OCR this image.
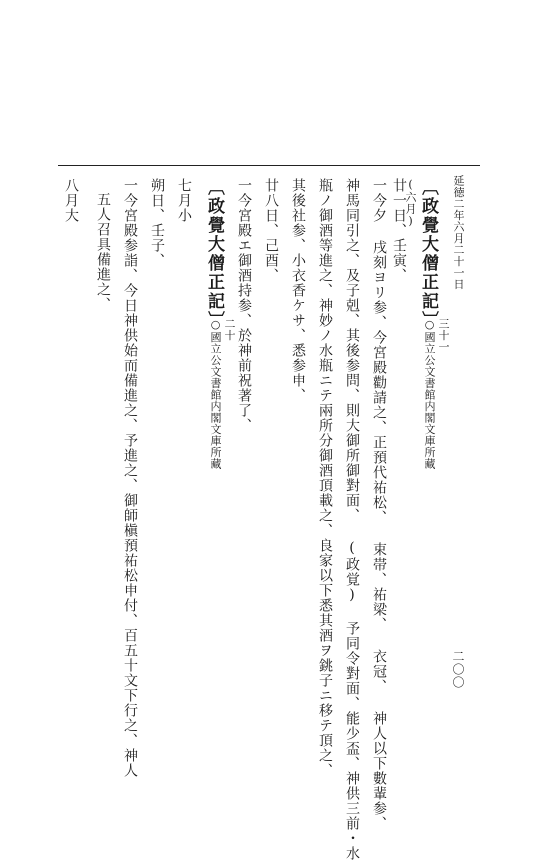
延徳二年六月二十一日
二〇〇
〔政覺大僧正記〕
三十一
○國立公文書館内閣文庫所藏
(六月)
廿一日、壬寅、
一今夕 戌刻ヨリ参、今宮殿勸請之、正預代祐松、 束帯、祐梁、 衣冠、 神人以下數輩参、
神馬同引之、及子剋、其後参問、則大御所御對面、 (政覚) 予同令對面、能少盃、神供三前・水
瓶ノ御酒等進之、神妙ノ水瓶ニテ兩所分御酒頂載之、良家以下悉其酒ヲ銚子ニ移テ頂之、
其後社参、小衣香ケサ、悉参申、
廿八日、己酉、
一今宮殿エ御酒持参、於神前祝著了、
〔政覺大僧正記〕 二十
○國立公文書館内閣文庫所藏
七月小
朔日、壬子、
一今宮殿参詣、今日神供始而備進之、予進之、御師槇預祐松申付、百五十文下行之、神人
五人召具備進之、
八月大
